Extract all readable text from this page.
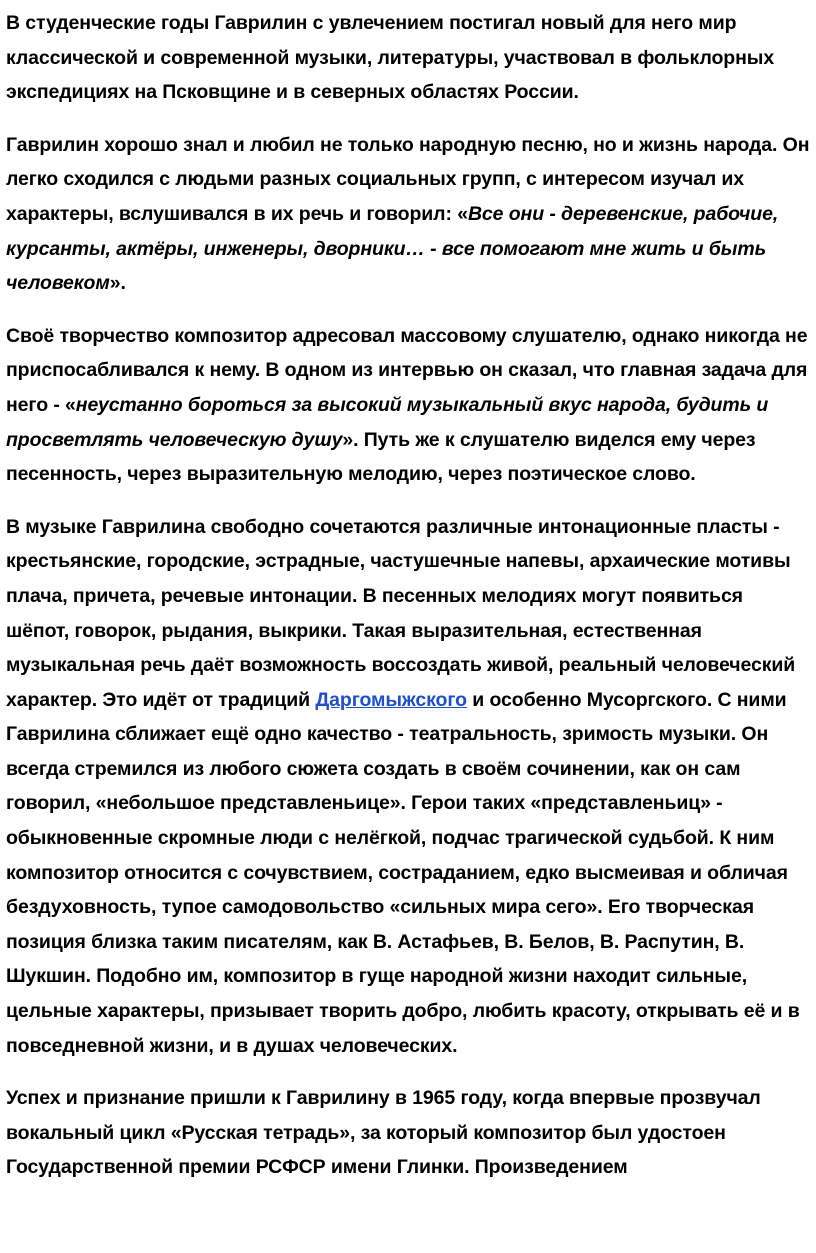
В студенческие годы Гаврилин с увлечением постигал новый для него мир классической и современной музыки, литературы, участвовал в фольклорных экспедициях на Псковщине и в северных областях России.

Гаврилин хорошо знал и любил не только народную песню, но и жизнь народа. Он легко сходился с людьми разных социальных групп, с интересом изучал их характеры, вслушивался в их речь и говорил: «Все они - деревенские, рабочие, курсанты, актёры, инженеры, дворники… - все помогают мне жить и быть человеком».

Своё творчество композитор адресовал массовому слушателю, однако никогда не приспосабливался к нему. В одном из интервью он сказал, что главная задача для него - «неустанно бороться за высокий музыкальный вкус народа, будить и просветлять человеческую душу». Путь же к слушателю виделся ему через песенность, через выразительную мелодию, через поэтическое слово.

В музыке Гаврилина свободно сочетаются различные интонационные пласты - крестьянские, городские, эстрадные, частушечные напевы, архаические мотивы плача, причета, речевые интонации. В песенных мелодиях могут появиться шёпот, говорок, рыдания, выкрики. Такая выразительная, естественная музыкальная речь даёт возможность воссоздать живой, реальный человеческий характер. Это идёт от традиций Даргомыжского и особенно Мусоргского. С ними Гаврилина сближает ещё одно качество - театральность, зримость музыки. Он всегда стремился из любого сюжета создать в своём сочинении, как он сам говорил, «небольшое представленьице». Герои таких «представленьиц» - обыкновенные скромные люди с нелёгкой, подчас трагической судьбой. К ним композитор относится с сочувствием, состраданием, едко высмеивая и обличая бездуховность, тупое самодовольство «сильных мира сего». Его творческая позиция близка таким писателям, как В. Астафьев, В. Белов, В. Распутин, В. Шукшин. Подобно им, композитор в гуще народной жизни находит сильные, цельные характеры, призывает творить добро, любить красоту, открывать её и в повседневной жизни, и в душах человеческих.

Успех и признание пришли к Гаврилину в 1965 году, когда впервые прозвучал вокальный цикл «Русская тетрадь», за который композитор был удостоен Государственной премии РСФСР имени Глинки. Произведением
